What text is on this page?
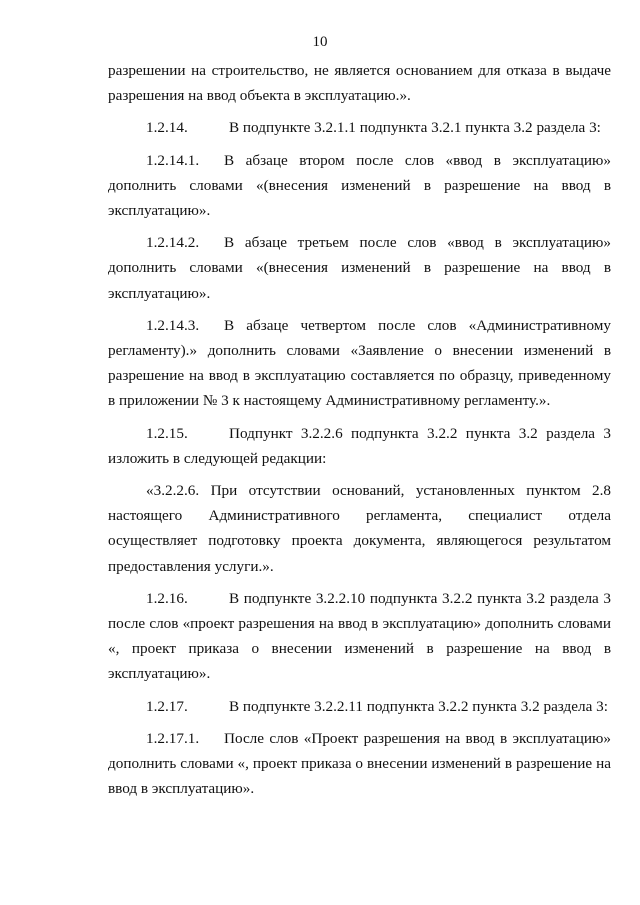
10

разрешении на строительство, не является основанием для отказа в выдаче разрешения на ввод объекта в эксплуатацию.».

1.2.14.	В подпункте 3.2.1.1 подпункта 3.2.1 пункта 3.2 раздела 3:

1.2.14.1. В абзаце втором после слов «ввод в эксплуатацию» дополнить словами «(внесения изменений в разрешение на ввод в эксплуатацию».

1.2.14.2. В абзаце третьем после слов «ввод в эксплуатацию» дополнить словами «(внесения изменений в разрешение на ввод в эксплуатацию».

1.2.14.3. В абзаце четвертом после слов «Административному регламенту).» дополнить словами «Заявление о внесении изменений в разрешение на ввод в эксплуатацию составляется по образцу, приведенному в приложении № 3 к настоящему Административному регламенту.».

1.2.15.	Подпункт 3.2.2.6 подпункта 3.2.2 пункта 3.2 раздела 3 изложить в следующей редакции:

«3.2.2.6. При отсутствии оснований, установленных пунктом 2.8 настоящего Административного регламента, специалист отдела осуществляет подготовку проекта документа, являющегося результатом предоставления услуги.».

1.2.16.	В подпункте 3.2.2.10 подпункта 3.2.2 пункта 3.2 раздела 3 после слов «проект разрешения на ввод в эксплуатацию» дополнить словами «, проект приказа о внесении изменений в разрешение на ввод в эксплуатацию».

1.2.17.	В подпункте 3.2.2.11 подпункта 3.2.2 пункта 3.2 раздела 3:

1.2.17.1. После слов «Проект разрешения на ввод в эксплуатацию» дополнить словами «, проект приказа о внесении изменений в разрешение на ввод в эксплуатацию».
